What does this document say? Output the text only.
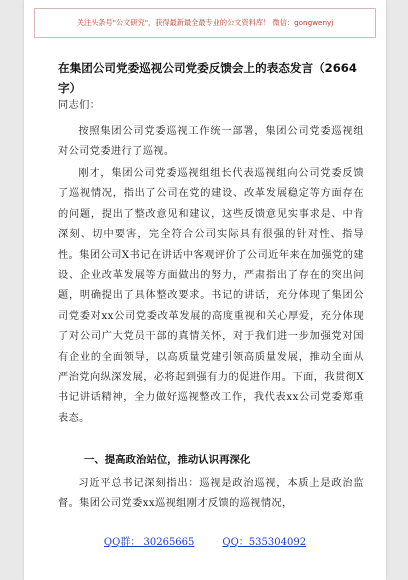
关注头条号"公文研究"，获得最新最全最专业的公文资料库！ 微信：gongwenyj
在集团公司党委巡视公司党委反馈会上的表态发言（2664字）
同志们：
按照集团公司党委巡视工作统一部署，集团公司党委巡视组对公司党委进行了巡视。
刚才，集团公司党委巡视组组长代表巡视组向公司党委反馈了巡视情况，指出了公司在党的建设、改革发展稳定等方面存在的问题，提出了整改意见和建议，这些反馈意见实事求是、中肯深刻、切中要害，完全符合公司实际具有很强的针对性、指导性。集团公司X书记在讲话中客观评价了公司近年来在加强党的建设、企业改革发展等方面做出的努力，严肃指出了存在的突出问题，明确提出了具体整改要求。书记的讲话，充分体现了集团公司党委对xx公司党委改革发展的高度重视和关心厚爱，充分体现了对公司广大党员干部的真情关怀，对于我们进一步加强党对国有企业的全面领导，以高质量党建引领高质量发展，推动全面从严治党向纵深发展，必将起到强有力的促进作用。下面，我贯彻X书记讲话精神，全力做好巡视整改工作，我代表xx公司党委郑重表态。
一、提高政治站位，推动认识再深化
习近平总书记深刻指出：巡视是政治巡视，本质上是政治监督。集团公司党委xx巡视组刚才反馈的巡视情况，
QQ群： 30265665	QQ：535304092
